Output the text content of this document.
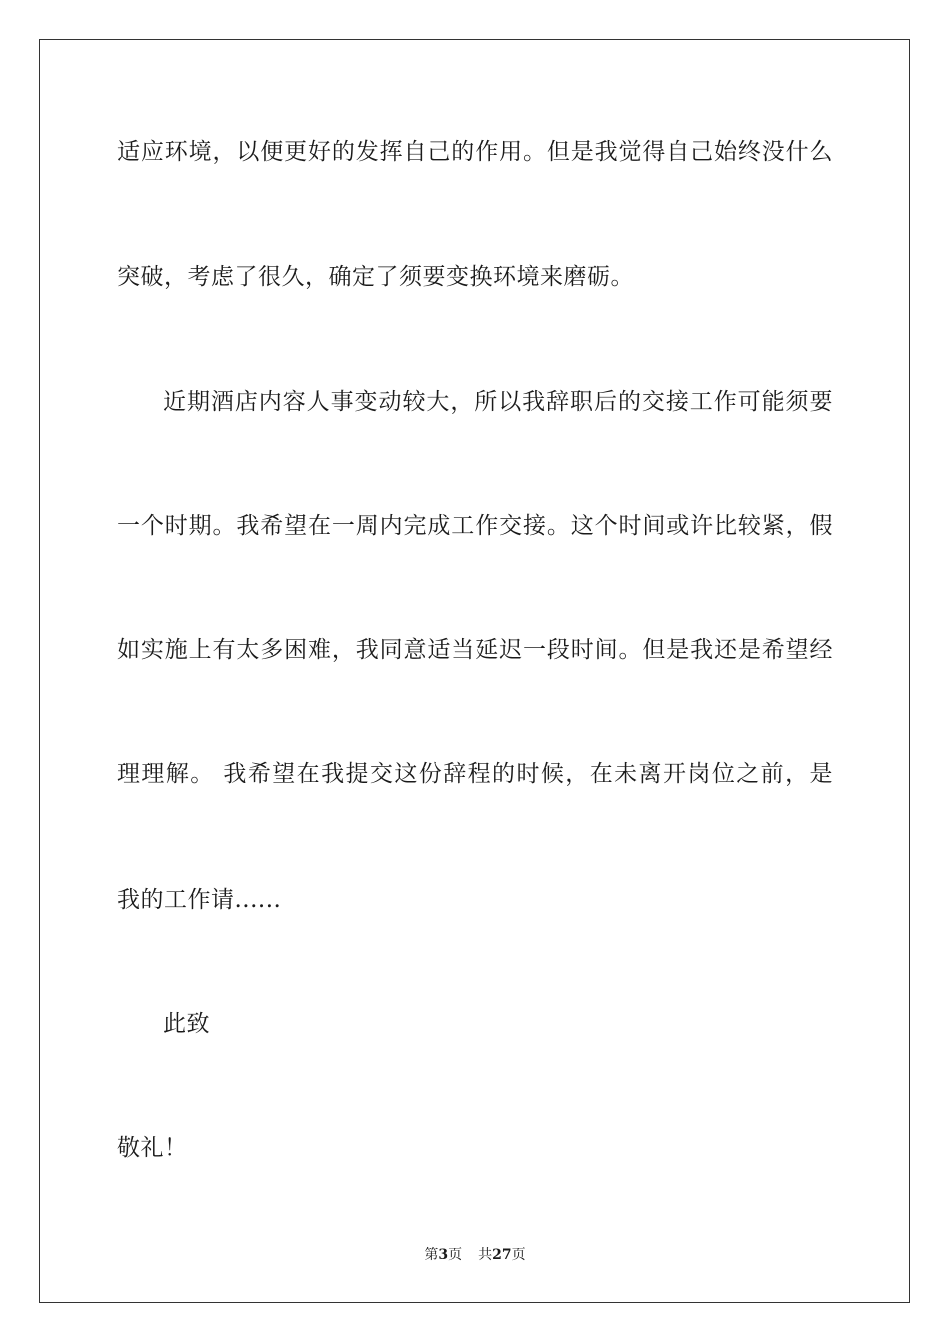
适应环境，以便更好的发挥自己的作用。但是我觉得自己始终没什么
突破，考虑了很久，确定了须要变换环境来磨砺。
近期酒店内容人事变动较大，所以我辞职后的交接工作可能须要
一个时期。我希望在一周内完成工作交接。这个时间或许比较紧，假
如实施上有太多困难，我同意适当延迟一段时间。但是我还是希望经
理理解。 我希望在我提交这份辞程的时候，在未离开岗位之前，是
我的工作请......
此致
敬礼！
第3页 共27页
